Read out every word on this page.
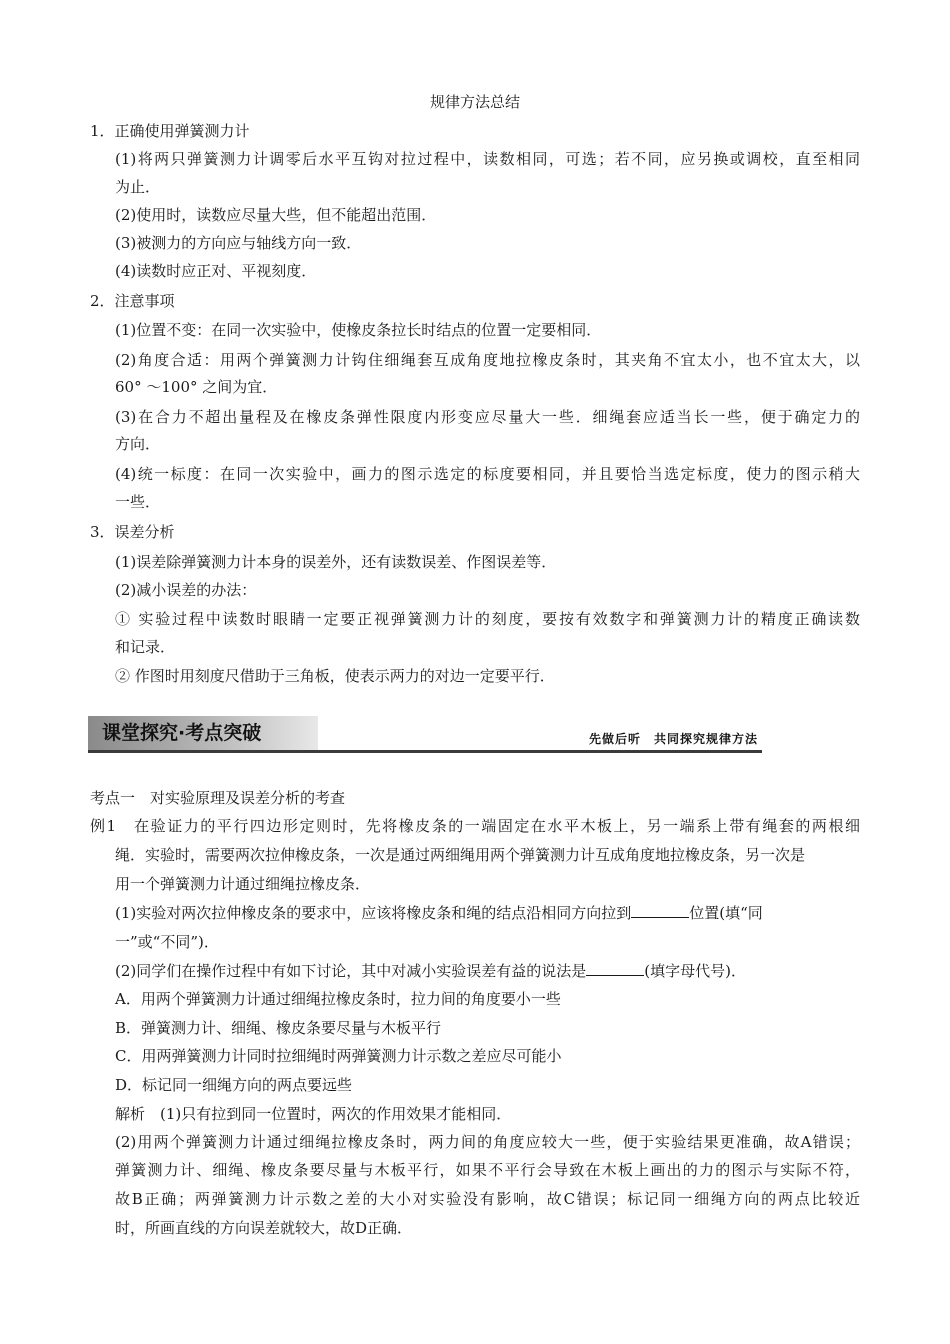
规律方法总结
1．正确使用弹簧测力计
(1)将两只弹簧测力计调零后水平互钩对拉过程中，读数相同，可选；若不同，应另换或调校，直至相同
为止．
(2)使用时，读数应尽量大些，但不能超出范围．
(3)被测力的方向应与轴线方向一致．
(4)读数时应正对、平视刻度．
2．注意事项
(1)位置不变：在同一次实验中，使橡皮条拉长时结点的位置一定要相同．
(2)角度合适：用两个弹簧测力计钩住细绳套互成角度地拉橡皮条时，其夹角不宜太小，也不宜太大，以
60° ～100° 之间为宜．
(3)在合力不超出量程及在橡皮条弹性限度内形变应尽量大一些．细绳套应适当长一些，便于确定力的
方向．
(4)统一标度：在同一次实验中，画力的图示选定的标度要相同，并且要恰当选定标度，使力的图示稍大
一些．
3．误差分析
(1)误差除弹簧测力计本身的误差外，还有读数误差、作图误差等．
(2)减小误差的办法：
① 实验过程中读数时眼睛一定要正视弹簧测力计的刻度，要按有效数字和弹簧测力计的精度正确读数
和记录．
② 作图时用刻度尺借助于三角板，使表示两力的对边一定要平行．
课堂探究·考点突破	先做后听　共同探究规律方法
考点一　对实验原理及误差分析的考查
例1　在验证力的平行四边形定则时，先将橡皮条的一端固定在水平木板上，另一端系上带有绳套的两根细
绳．实验时，需要两次拉伸橡皮条，一次是通过两细绳用两个弹簧测力计互成角度地拉橡皮条，另一次是
用一个弹簧测力计通过细绳拉橡皮条．
(1)实验对两次拉伸橡皮条的要求中，应该将橡皮条和绳的结点沿相同方向拉到	位置(填“同
一”或“不同”)．
(2)同学们在操作过程中有如下讨论，其中对减小实验误差有益的说法是	(填字母代号)．
A．用两个弹簧测力计通过细绳拉橡皮条时，拉力间的角度要小一些
B．弹簧测力计、细绳、橡皮条要尽量与木板平行
C．用两弹簧测力计同时拉细绳时两弹簧测力计示数之差应尽可能小
D．标记同一细绳方向的两点要远些
解析　(1)只有拉到同一位置时，两次的作用效果才能相同．
(2)用两个弹簧测力计通过细绳拉橡皮条时，两力间的角度应较大一些，便于实验结果更准确，故A错误；
弹簧测力计、细绳、橡皮条要尽量与木板平行，如果不平行会导致在木板上画出的力的图示与实际不符，
故B正确；两弹簧测力计示数之差的大小对实验没有影响，故C错误；标记同一细绳方向的两点比较近
时，所画直线的方向误差就较大，故D正确．
